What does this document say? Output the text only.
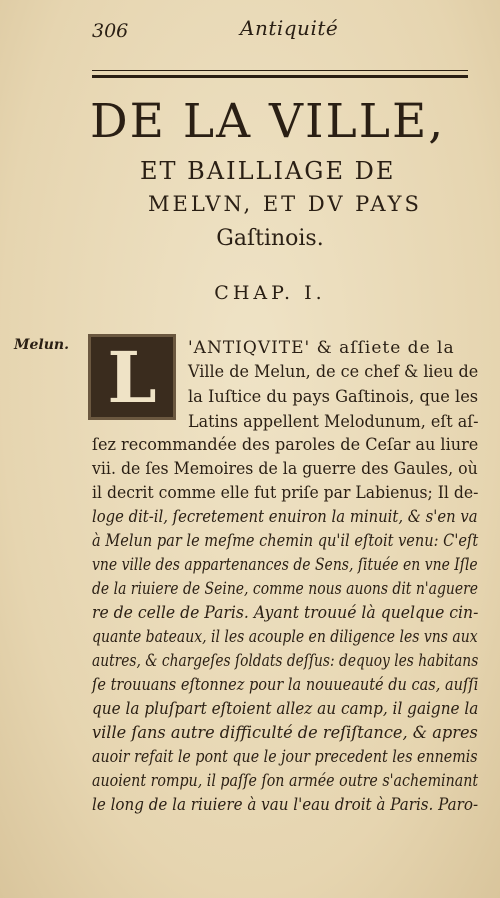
306	Antiquité
DE LA VILLE,
ET BAILLIAGE DE
MELVN, ET DV PAYS
Gaſtinois.
CHAP. I.
Melun. L	'ANTIQVITE' & aſſiete de la
Ville de Melun, de ce chef & lieu de
la Iuſtice du pays Gaſtinois, que les
Latins appellent Melodunum, eſt aſ-
ſez recommandée des paroles de Ceſar au liure
vii. de ſes Memoires de la guerre des Gaules, où
il decrit comme elle fut priſe par Labienus; Il de-
loge dit-il, ſecretement enuiron la minuit, & s'en va
à Melun par le meſme chemin qu'il eſtoit venu: C'eſt
vne ville des appartenances de Sens, ſituée en vne Iſle
de la riuiere de Seine, comme nous auons dit n'aguere
re de celle de Paris. Ayant trouué là quelque cin-
quante bateaux, il les acouple en diligence les vns aux
autres, & chargeſes ſoldats deſſus: dequoy les habitans
ſe trouuans eſtonnez pour la nouueauté du cas, auſſi
que la pluſpart eſtoient allez au camp, il gaigne la
ville ſans autre difficulté de reſiſtance, & apres
auoir refait le pont que le jour precedent les ennemis
auoient rompu, il paſſe ſon armée outre s'acheminant
le long de la riuiere à vau l'eau droit à Paris. Paro-
